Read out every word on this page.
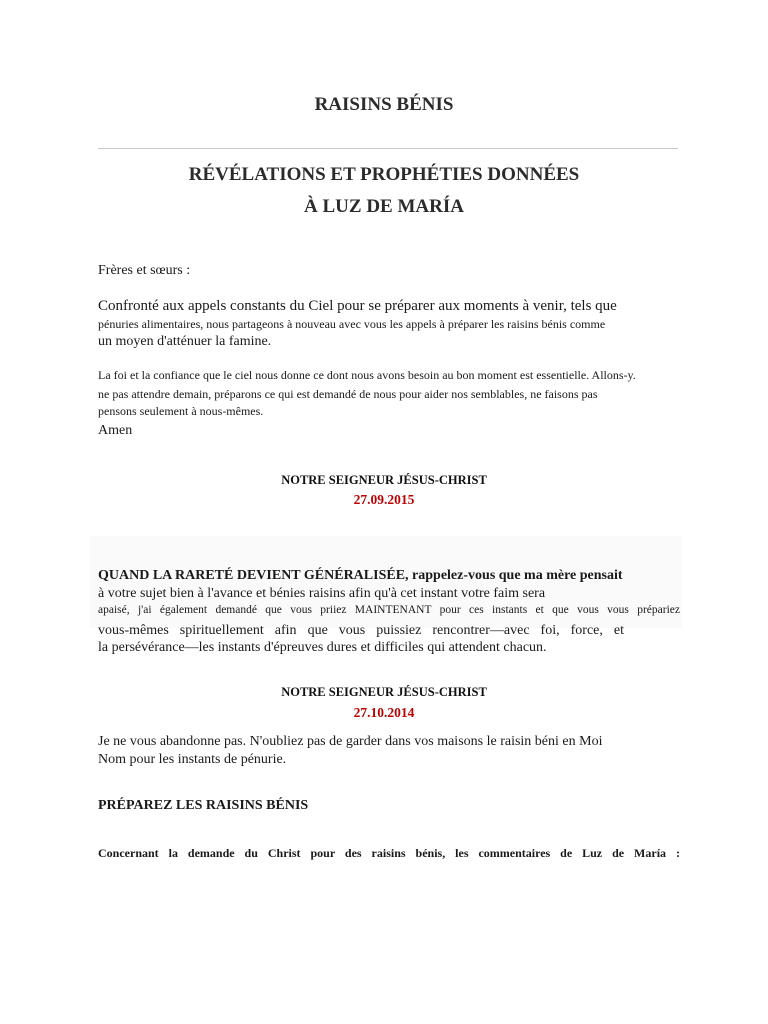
RAISINS BÉNIS
RÉVÉLATIONS ET PROPHÉTIES DONNÉES
À LUZ DE MARÍA
Frères et sœurs :
Confronté aux appels constants du Ciel pour se préparer aux moments à venir, tels que
pénuries alimentaires, nous partageons à nouveau avec vous les appels à préparer les raisins bénis comme
un moyen d'atténuer la famine.
La foi et la confiance que le ciel nous donne ce dont nous avons besoin au bon moment est essentielle. Allons-y.
ne pas attendre demain, préparons ce qui est demandé de nous pour aider nos semblables, ne faisons pas
pensons seulement à nous-mêmes.
Amen
NOTRE SEIGNEUR JÉSUS-CHRIST
27.09.2015
QUAND LA RARETÉ DEVIENT GÉNÉRALISÉE, rappelez-vous que ma mère pensait
à votre sujet bien à l'avance et bénies raisins afin qu'à cet instant votre faim sera
apaisé, j'ai également demandé que vous priiez MAINTENANT pour ces instants et que vous vous prépariez
vous-mêmes spirituellement afin que vous puissiez rencontrer—avec foi, force, et
la persévérance—les instants d'épreuves dures et difficiles qui attendent chacun.
NOTRE SEIGNEUR JÉSUS-CHRIST
27.10.2014
Je ne vous abandonne pas. N'oubliez pas de garder dans vos maisons le raisin béni en Moi
Nom pour les instants de pénurie.
PRÉPAREZ LES RAISINS BÉNIS
Concernant la demande du Christ pour des raisins bénis, les commentaires de Luz de María :
